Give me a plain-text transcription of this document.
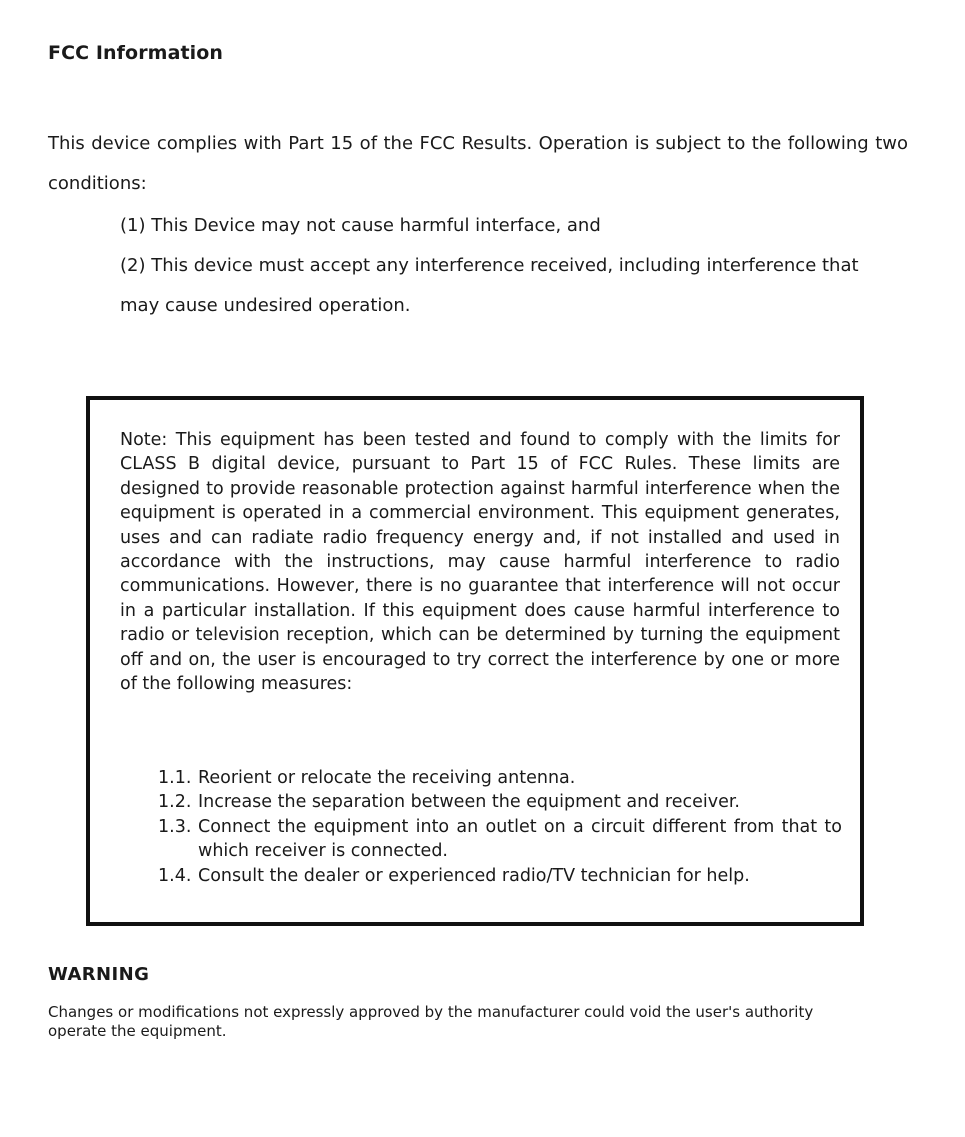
FCC Information
This device complies with Part 15 of the FCC Results. Operation is subject to the following two conditions:

(1) This Device may not cause harmful interface, and

(2) This device must accept any interference received, including interference that may cause undesired operation.

Note: This equipment has been tested and found to comply with the limits for CLASS B digital device, pursuant to Part 15 of FCC Rules. These limits are designed to provide reasonable protection against harmful interference when the equipment is operated in a commercial environment. This equipment generates, uses and can radiate radio frequency energy and, if not installed and used in accordance with the instructions, may cause harmful interference to radio communications. However, there is no guarantee that interference will not occur in a particular installation. If this equipment does cause harmful interference to radio or television reception, which can be determined by turning the equipment off and on, the user is encouraged to try correct the interference by one or more of the following measures:
1.1. Reorient or relocate the receiving antenna.
1.2. Increase the separation between the equipment and receiver.
1.3. Connect the equipment into an outlet on a circuit different from that to which receiver is connected.
1.4. Consult the dealer or experienced radio/TV technician for help.
WARNING
Changes or modifications not expressly approved by the manufacturer could void the user's authority
operate the equipment.
